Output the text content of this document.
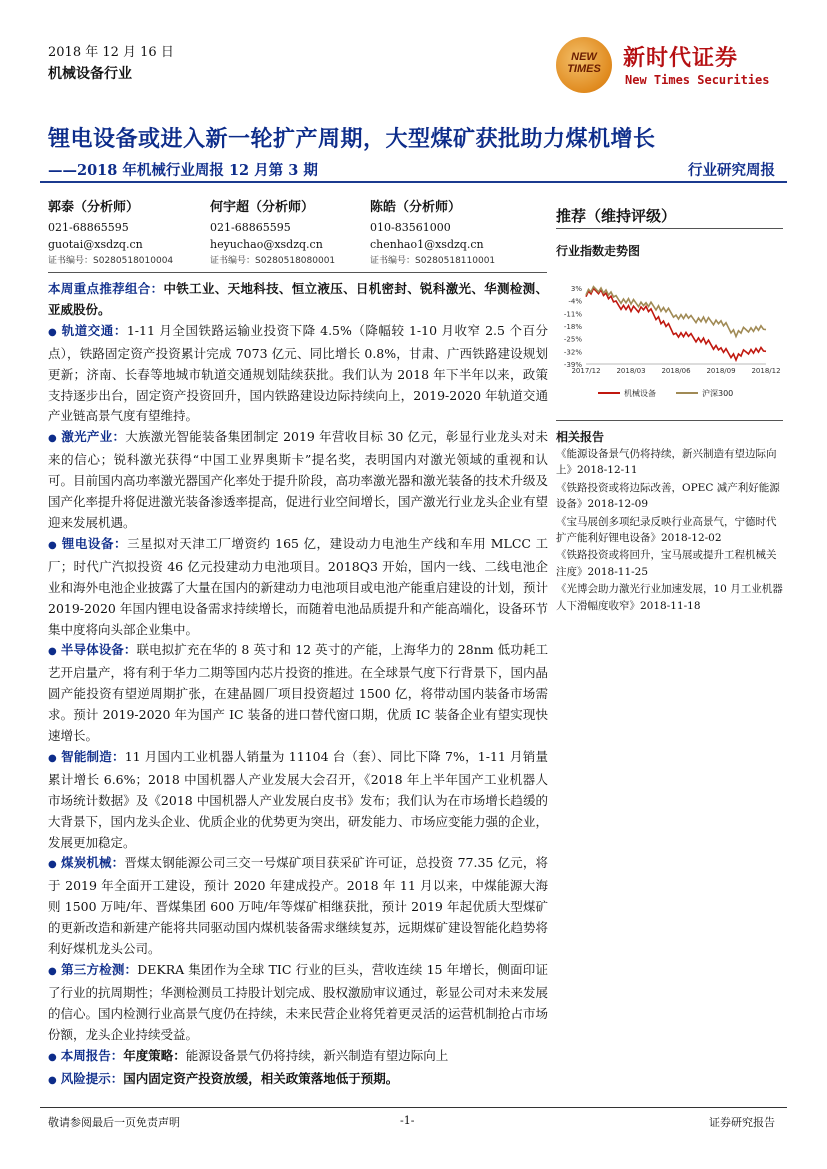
2018 年 12 月 16 日
机械设备行业
NEW
TIMES	新时代证券
New Times Securities
锂电设备或进入新一轮扩产周期，大型煤矿获批助力煤机增长
——2018 年机械行业周报 12 月第 3 期	行业研究周报
郭泰（分析师）
021-68865595
guotai@xsdzq.cn
证书编号：S0280518010004
何宇超（分析师）
021-68865595
heyuchao@xsdzq.cn
证书编号：S0280518080001
陈皓（分析师）
010-83561000
chenhao1@xsdzq.cn
证书编号：S0280518110001

本周重点推荐组合：中铁工业、天地科技、恒立液压、日机密封、锐科激光、华测检测、亚威股份。

● 轨道交通：1-11 月全国铁路运输业投资下降 4.5%（降幅较 1-10 月收窄 2.5 个百分点），铁路固定资产投资累计完成 7073 亿元、同比增长 0.8%，甘肃、广西铁路建设规划更新；济南、长春等地城市轨道交通规划陆续获批。我们认为 2018 年下半年以来，政策支持逐步出台，固定资产投资回升，国内铁路建设边际持续向上，2019-2020 年轨道交通产业链高景气度有望维持。

● 激光产业：大族激光智能装备集团制定 2019 年营收目标 30 亿元，彰显行业龙头对未来的信心；锐科激光获得“中国工业界奥斯卡”提名奖，表明国内对激光领域的重视和认可。目前国内高功率激光器国产化率处于提升阶段，高功率激光器和激光装备的技术升级及国产化率提升将促进激光装备渗透率提高，促进行业空间增长，国产激光行业龙头企业有望迎来发展机遇。

● 锂电设备：三星拟对天津工厂增资约 165 亿，建设动力电池生产线和车用 MLCC 工厂；时代广汽拟投资 46 亿元投建动力电池项目。2018Q3 开始，国内一线、二线电池企业和海外电池企业披露了大量在国内的新建动力电池项目或电池产能重启建设的计划，预计 2019-2020 年国内锂电设备需求持续增长，而随着电池品质提升和产能高端化，设备环节集中度将向头部企业集中。

● 半导体设备：联电拟扩充在华的 8 英寸和 12 英寸的产能，上海华力的 28nm 低功耗工艺开启量产，将有利于华力二期等国内芯片投资的推进。在全球景气度下行背景下，国内晶圆产能投资有望逆周期扩张，在建晶圆厂项目投资超过 1500 亿，将带动国内装备市场需求。预计 2019-2020 年为国产 IC 装备的进口替代窗口期，优质 IC 装备企业有望实现快速增长。

● 智能制造：11 月国内工业机器人销量为 11104 台（套）、同比下降 7%，1-11 月销量累计增长 6.6%；2018 中国机器人产业发展大会召开，《2018 年上半年国产工业机器人市场统计数据》及《2018 中国机器人产业发展白皮书》发布；我们认为在市场增长趋缓的大背景下，国内龙头企业、优质企业的优势更为突出，研发能力、市场应变能力强的企业，发展更加稳定。

● 煤炭机械：晋煤太钢能源公司三交一号煤矿项目获采矿许可证，总投资 77.35 亿元，将于 2019 年全面开工建设，预计 2020 年建成投产。2018 年 11 月以来，中煤能源大海则 1500 万吨/年、晋煤集团 600 万吨/年等煤矿相继获批，预计 2019 年起优质大型煤矿的更新改造和新建产能将共同驱动国内煤机装备需求继续复苏，远期煤矿建设智能化趋势将利好煤机龙头公司。

● 第三方检测：DEKRA 集团作为全球 TIC 行业的巨头，营收连续 15 年增长，侧面印证了行业的抗周期性；华测检测员工持股计划完成、股权激励审议通过，彰显公司对未来发展的信心。国内检测行业高景气度仍在持续，未来民营企业将凭着更灵活的运营机制抢占市场份额，龙头企业持续受益。

● 本周报告：年度策略：能源设备景气仍将持续，新兴制造有望边际向上

● 风险提示：国内固定资产投资放缓，相关政策落地低于预期。

推荐（维持评级）
行业指数走势图
3%
-4%
-11%
-18%
-25%
-32%
-39%
2017/12 2018/03 2018/06 2018/09 2018/12
机械设备	沪深300
相关报告
《能源设备景气仍将持续，新兴制造有望边际向上》2018-12-11
《铁路投资或将边际改善，OPEC 减产利好能源设备》2018-12-09
《宝马展创多项纪录反映行业高景气，宁德时代扩产能利好锂电设备》2018-12-02
《铁路投资或将回升，宝马展或提升工程机械关注度》2018-11-25
《光博会助力激光行业加速发展，10 月工业机器人下滑幅度收窄》2018-11-18
敬请参阅最后一页免责声明	-1-	证券研究报告
